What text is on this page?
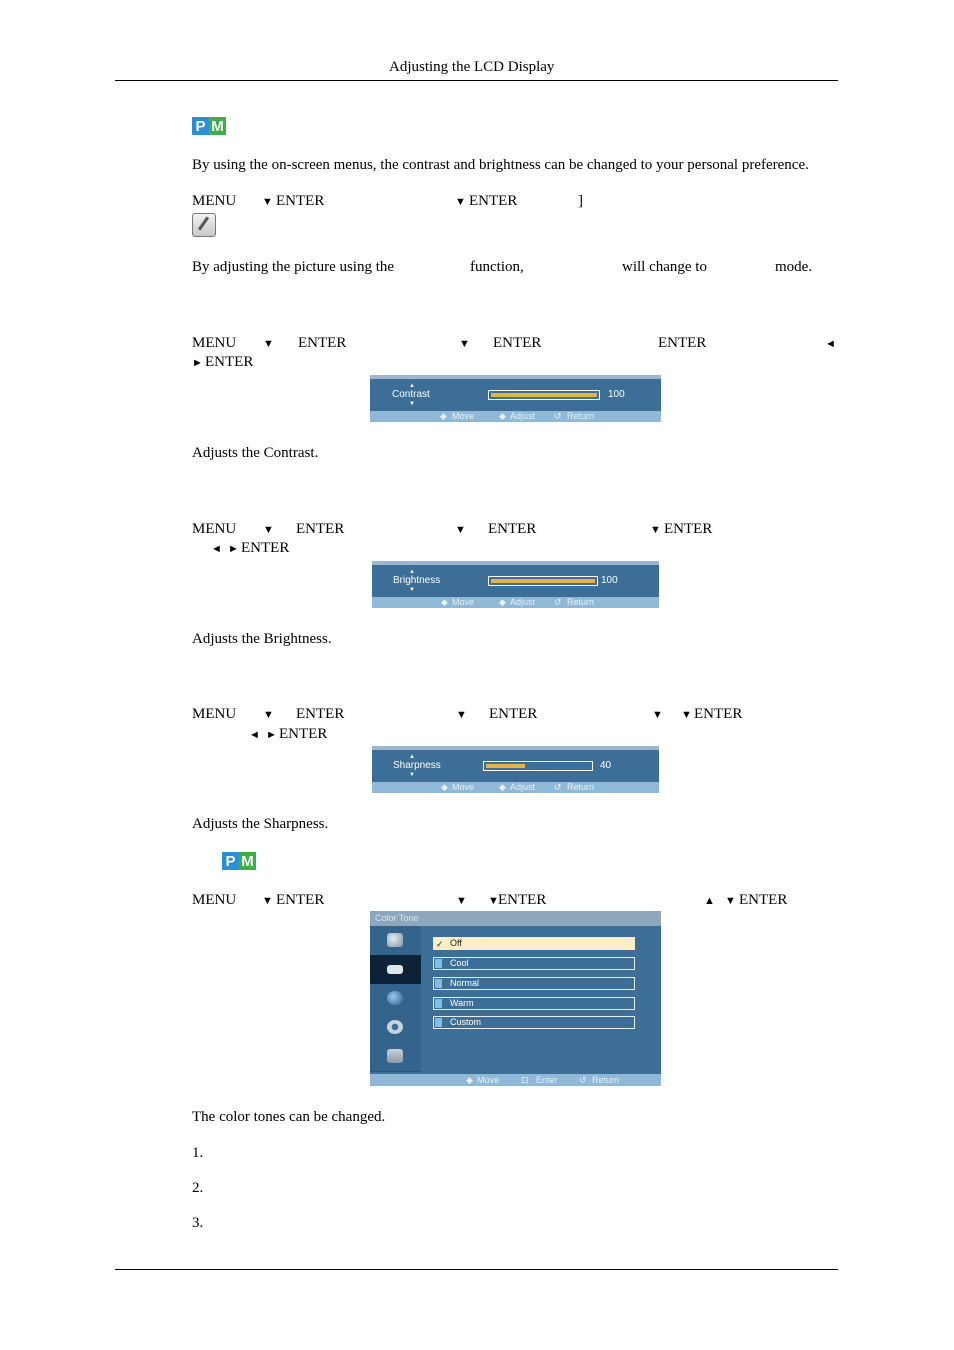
Adjusting the LCD Display
P M
By using the on-screen menus, the contrast and brightness can be changed to your personal preference.
MENU ▼ ENTER	▼ ENTER	]
By adjusting the picture using the	function,	will change to	mode.
MENU ▼ ENTER	▼ ENTER	ENTER	◄
► ENTER
▲
Contrast
▼
100
◆ Move	◆ Adjust ↺ Return
Adjusts the Contrast.
MENU ▼ ENTER	▼ ENTER	▼ ENTER
◄ ► ENTER
▲
Brightness
▼
100
◆ Move	◆ Adjust ↺ Return
Adjusts the Brightness.
MENU ▼ ENTER	▼ ENTER	▼ ▼ ENTER
◄ ► ENTER
▲
Sharpness
▼
40
◆ Move	◆ Adjust ↺ Return
Adjusts the Sharpness.
P M
MENU ▼ ENTER	▼ ▼ ENTER	▲ ▼ ENTER
Color Tone
✓ Off
Cool
Normal
Warm
Custom
◆ Move ⊡ Enter ↺ Return
The color tones can be changed.
1.
2.
3.
